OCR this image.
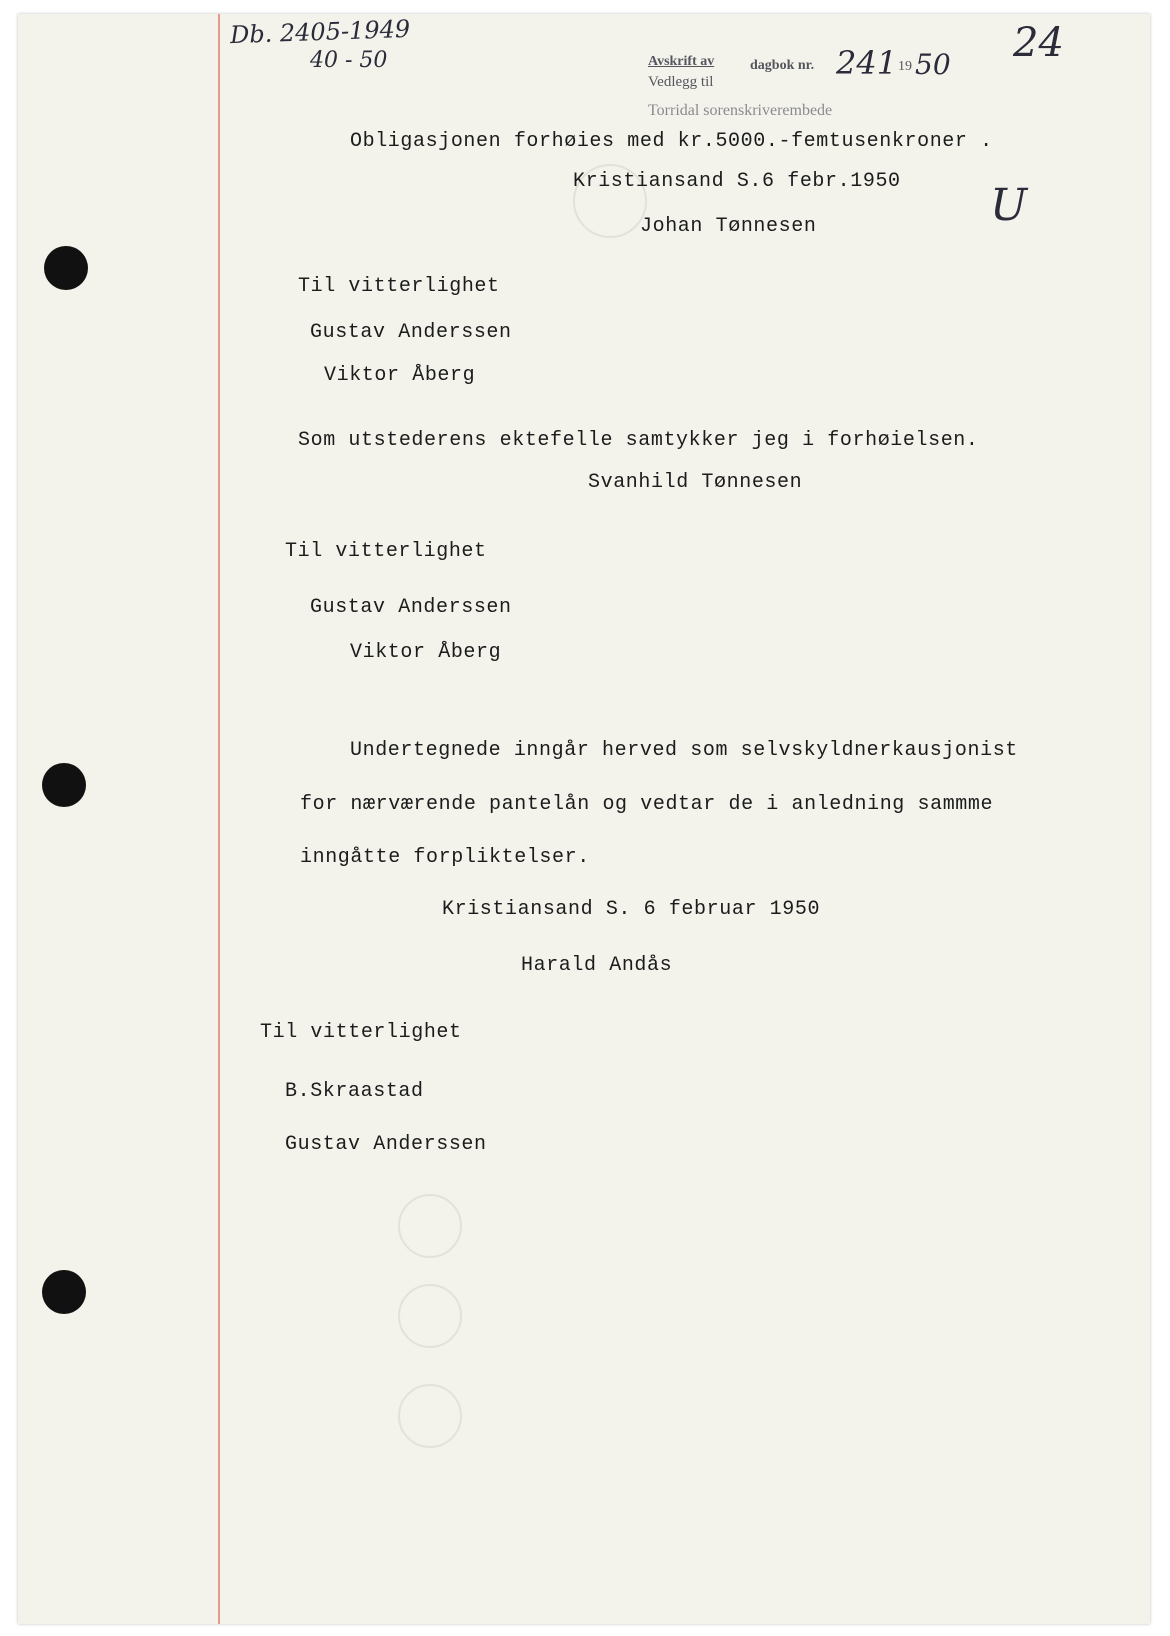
Db. 2405-1949
40 - 50	Avskrift av
Vedlegg til
dagbok nr. 241 19 50
Torridal sorenskriverembede
24
U
Obligasjonen forhøies med kr.5000.-femtusenkroner .
Kristiansand S.6 febr.1950
Johan Tønnesen
Til vitterlighet
Gustav Anderssen
Viktor Åberg
Som utstederens ektefelle samtykker jeg i forhøielsen.
Svanhild Tønnesen
Til vitterlighet
Gustav Anderssen
Viktor Åberg
Undertegnede inngår herved som selvskyldnerkausjonist
for nærværende pantelån og vedtar de i anledning sammme
inngåtte forpliktelser.
Kristiansand S. 6 februar 1950
Harald Andås
Til vitterlighet
B.Skraastad
Gustav Anderssen
